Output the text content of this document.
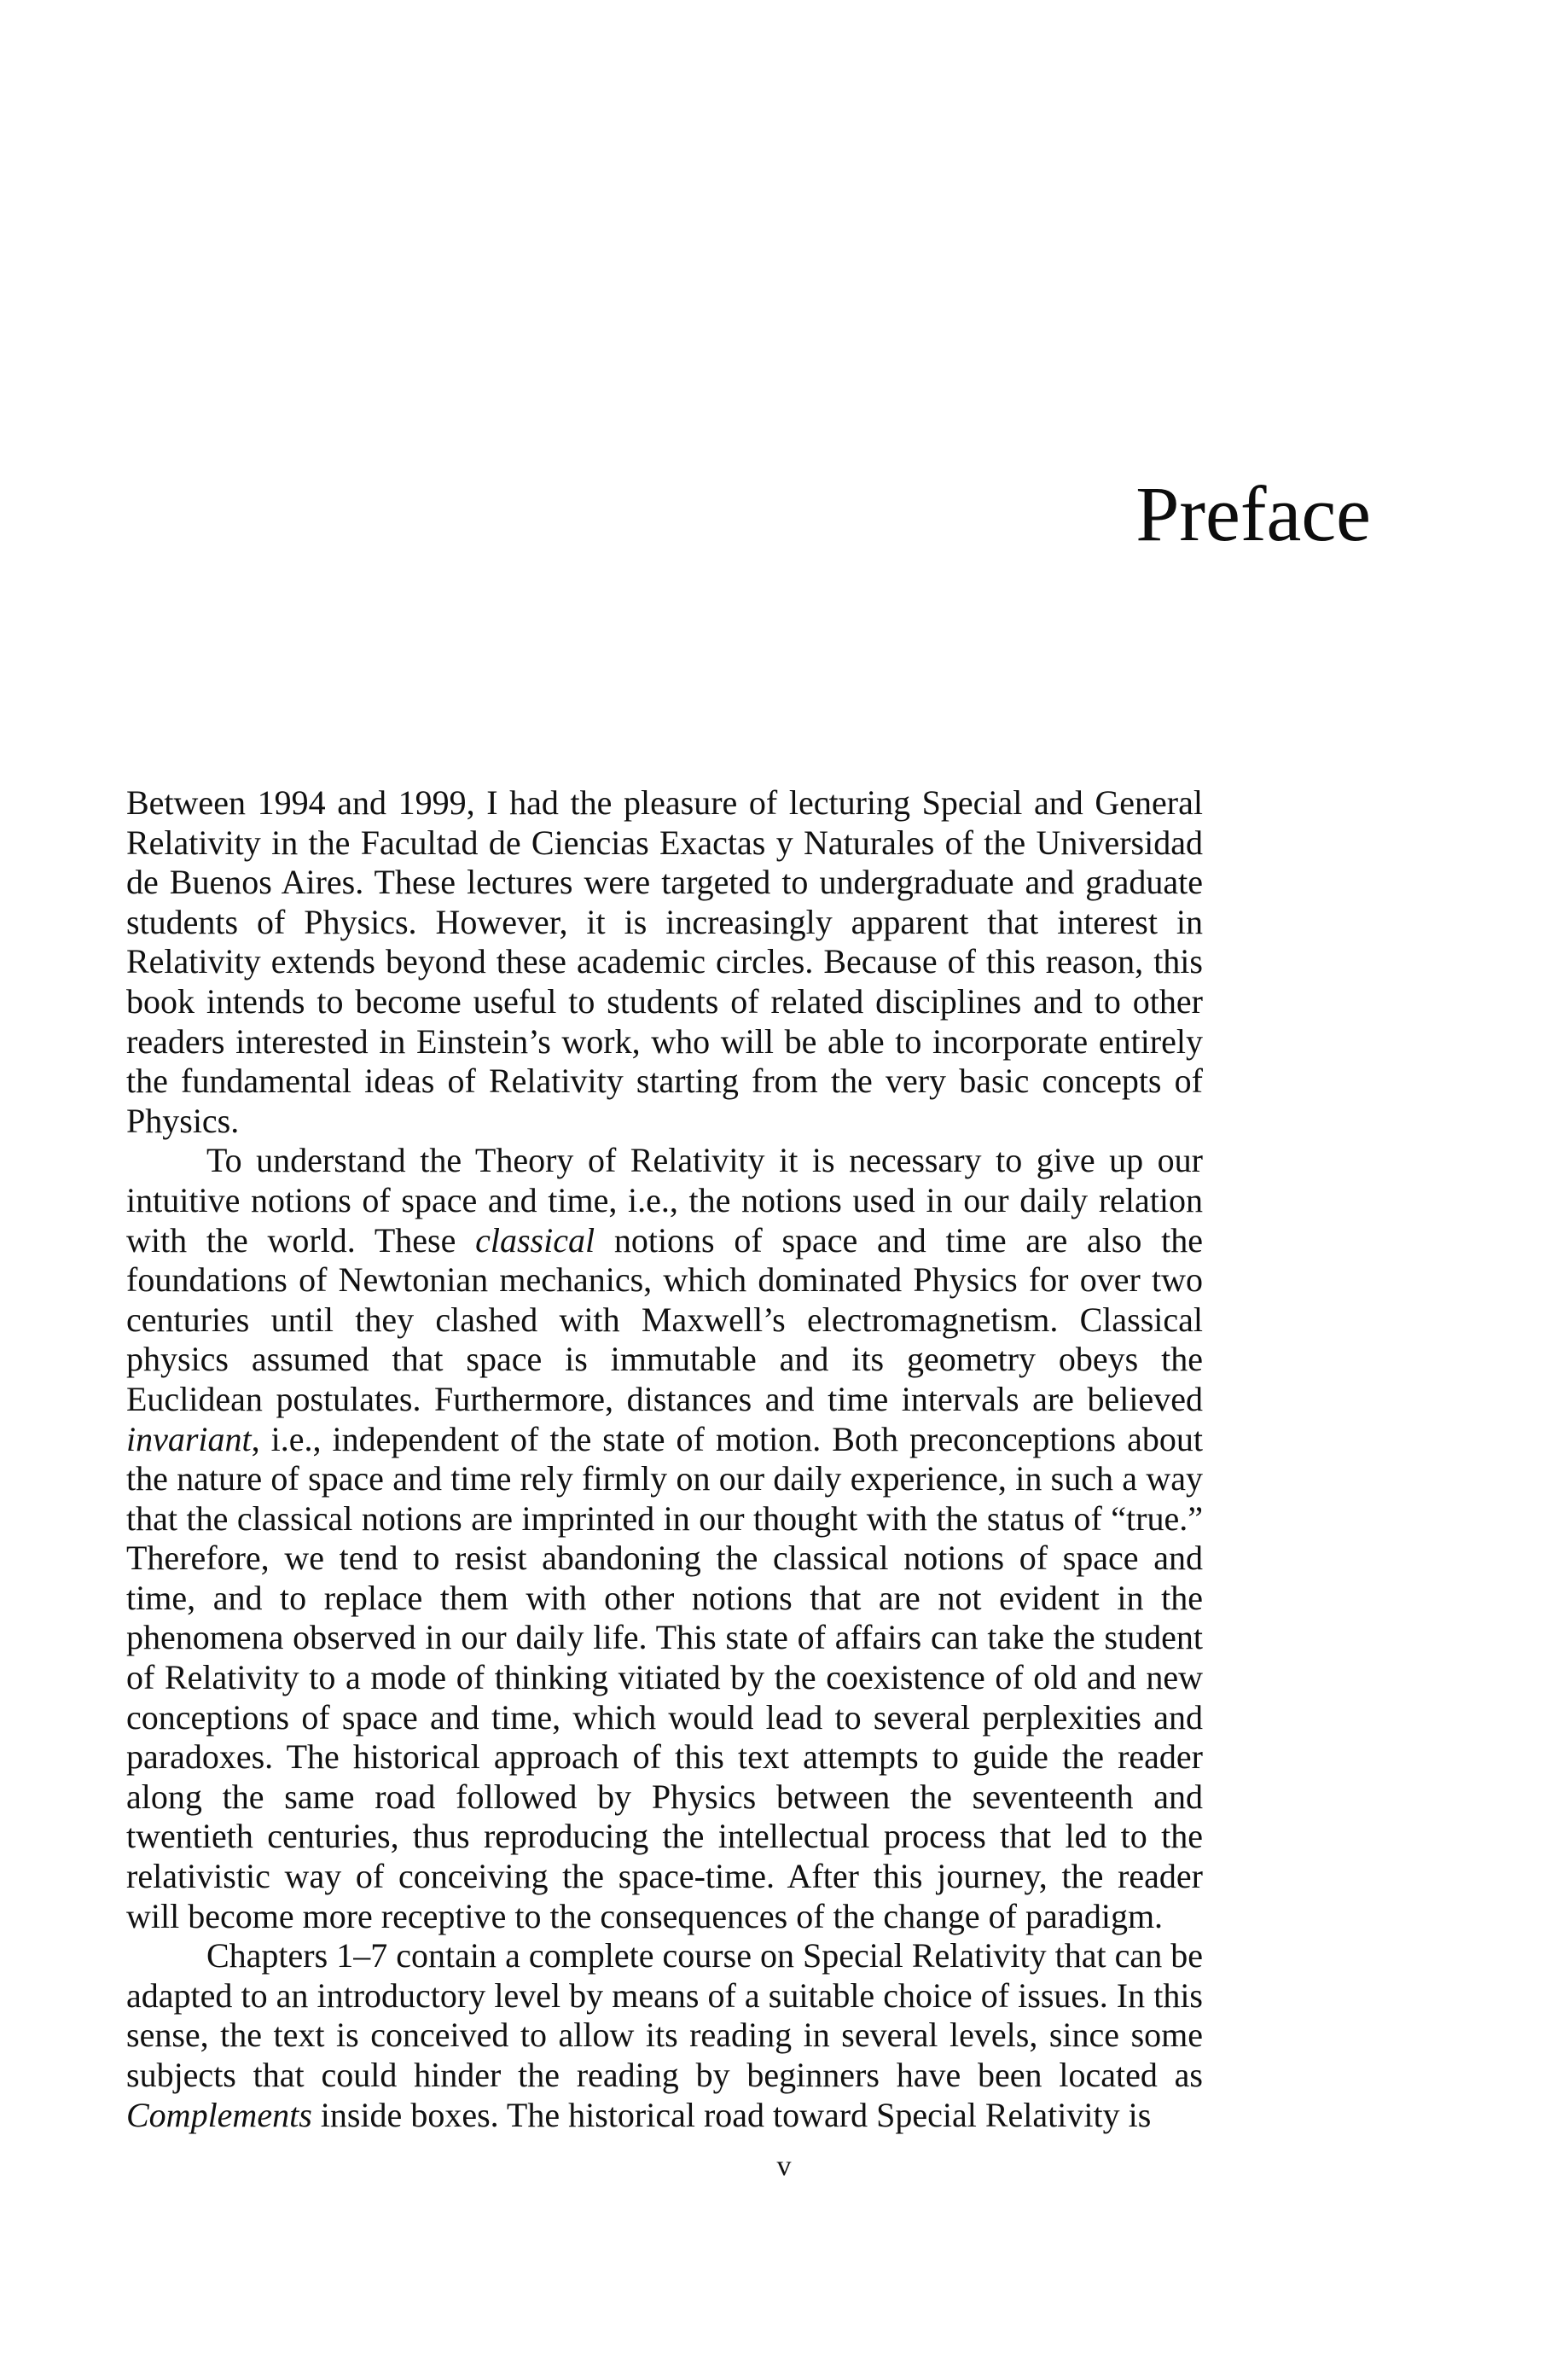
Preface

Between 1994 and 1999, I had the pleasure of lecturing Special and General Relativity in the Facultad de Ciencias Exactas y Naturales of the Universidad de Buenos Aires. These lectures were targeted to undergraduate and graduate students of Physics. However, it is increasingly apparent that interest in Relativity extends beyond these academic circles. Because of this reason, this book intends to become useful to students of related disciplines and to other readers interested in Einstein’s work, who will be able to incorporate entirely the fundamental ideas of Relativity starting from the very basic concepts of Physics.

To understand the Theory of Relativity it is necessary to give up our intuitive notions of space and time, i.e., the notions used in our daily relation with the world. These classical notions of space and time are also the foundations of Newtonian mechanics, which dominated Physics for over two centuries until they clashed with Maxwell’s electromagnetism. Classical physics assumed that space is immutable and its geometry obeys the Euclidean postulates. Furthermore, distances and time intervals are believed invariant, i.e., independent of the state of motion. Both preconceptions about the nature of space and time rely firmly on our daily experience, in such a way that the classical notions are imprinted in our thought with the status of “true.” Therefore, we tend to resist abandoning the classical notions of space and time, and to replace them with other notions that are not evident in the phenomena observed in our daily life. This state of affairs can take the student of Relativity to a mode of thinking vitiated by the coexistence of old and new conceptions of space and time, which would lead to several perplexities and paradoxes. The historical approach of this text attempts to guide the reader along the same road followed by Physics between the seventeenth and twentieth centuries, thus reproducing the intellectual process that led to the relativistic way of conceiving the space-time. After this journey, the reader will become more receptive to the consequences of the change of paradigm.

Chapters 1–7 contain a complete course on Special Relativity that can be adapted to an introductory level by means of a suitable choice of issues. In this sense, the text is conceived to allow its reading in several levels, since some subjects that could hinder the reading by beginners have been located as Complements inside boxes. The historical road toward Special Relativity is

v
